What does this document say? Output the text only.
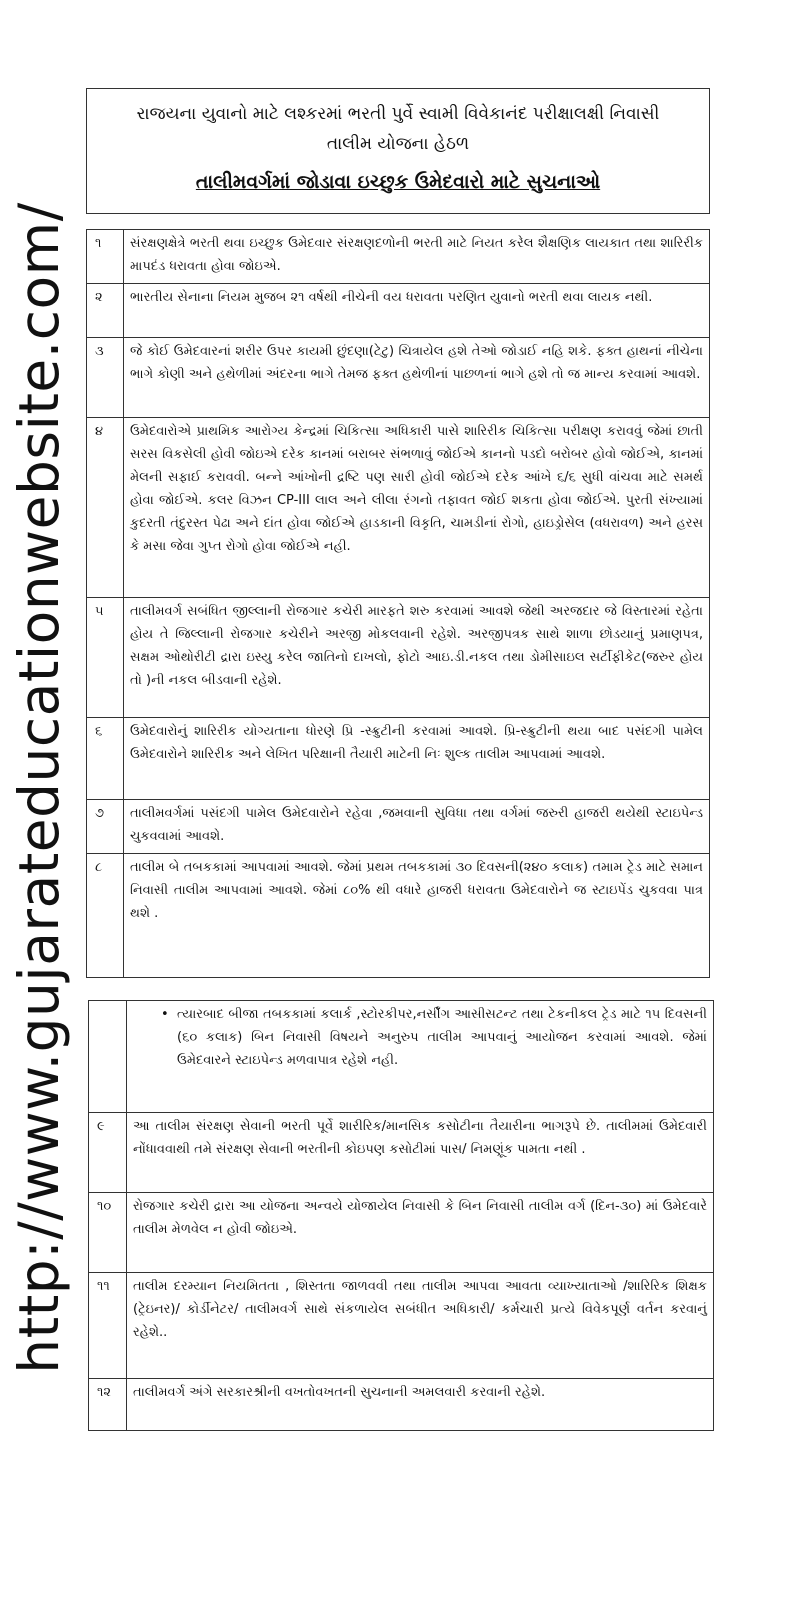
http://www.gujarateducationwebsite.com/
રાજયના યુવાનો માટે લશ્કરમાં ભરતી પુર્વે સ્વામી વિવેકાનંદ પરીક્ષાલક્ષી નિવાસી
તાલીમ યોજના હેઠળ
તાલીમવર્ગમાં જોડાવા ઇચ્છુક ઉમેદવારો માટે સુચનાઓ
૧	સંરક્ષણક્ષેત્રે ભરતી થવા ઇચ્છુક ઉમેદવાર સંરક્ષણદળોની ભરતી માટે નિયત કરેલ શૈક્ષણિક લાયકાત તથા શારિરીક માપદંડ ધરાવતા હોવા જોઇએ.
૨	ભારતીય સેનાના નિયમ મુજબ ૨૧ વર્ષથી નીચેની વય ધરાવતા પરણિત યુવાનો ભરતી થવા લાયક નથી.
૩	જે કોઈ ઉમેદવારનાં શરીર ઉપર કાયમી છુંદણા(ટેટુ) ચિત્રાયેલ હશે તેઓ જોડાઈ નહિ શકે. ફક્ત હાથનાં નીચેના ભાગે કોણી અને હથેળીમાં અંદરના ભાગે તેમજ ફક્ત હથેળીનાં પાછળનાં ભાગે હશે તો જ માન્ય કરવામાં આવશે.
૪	ઉમેદવારોએ પ્રાથમિક આરોગ્ય કેન્દ્રમાં ચિકિત્સા અધિકારી પાસે શારિરીક ચિકિત્સા પરીક્ષણ કરાવવું જેમાં છાતી સરસ વિકસેલી હોવી જોઇએ દરેક કાનમાં બરાબર સંભળાવું જોઈએ કાનનો પડદો બરોબર હોવો જોઈએ, કાનમાં મેલની સફાઈ કરાવવી. બન્ને આંખોની દ્રષ્ટિ પણ સારી હોવી જોઈએ દરેક આંખે ૬/૬ સુધી વાંચવા માટે સમર્થ હોવા જોઈએ. કલર વિઝન CP-III લાલ અને લીલા રંગનો તફાવત જોઈ શકતા હોવા જોઈએ. પુરતી સંખ્યામાં કુદરતી તંદુરસ્ત પેઢા અને દાંત હોવા જોઈએ હાડકાની વિકૃતિ, ચામડીનાં રોગો, હાઇડ્રોસેલ (વધરાવળ) અને હરસ કે મસા જેવા ગુપ્ત રોગો હોવા જોઈએ નહી.
૫	તાલીમવર્ગ સબંધિત જીલ્લાની રોજગાર કચેરી મારફતે શરુ કરવામાં આવશે જેથી અરજદાર જે વિસ્તારમાં રહેતા હોય તે જિલ્લાની રોજગાર કચેરીને અરજી મોકલવાની રહેશે. અરજીપત્રક સાથે શાળા છોડયાનું પ્રમાણપત્ર, સક્ષમ ઓથોરીટી દ્રારા ઇસ્યુ કરેલ જાતિનો દાખલો, ફોટો આઇ.ડી.નકલ તથા ડોમીસાઇલ સર્ટીફીકેટ(જરુર હોય તો )ની નકલ બીડવાની રહેશે.
૬	ઉમેદવારોનું શારિરીક યોગ્યતાના ધોરણે પ્રિ -સ્ક્રુટીની કરવામાં આવશે. પ્રિ-સ્ક્રુટીની થયા બાદ પસંદગી પામેલ ઉમેદવારોને શારિરીક અને લેખિત પરિક્ષાની તૈયારી માટેની નિઃ શુલ્ક તાલીમ આપવામાં આવશે.
૭	તાલીમવર્ગમાં પસંદગી પામેલ ઉમેદવારોને રહેવા ,જમવાની સુવિધા તથા વર્ગમાં જરુરી હાજરી થયેથી સ્ટાઇપેન્ડ ચુકવવામાં આવશે.
૮	તાલીમ બે તબકકામાં આપવામાં આવશે. જેમાં પ્રથમ તબકકામાં ૩૦ દિવસની(૨૪૦ કલાક) તમામ ટ્રેડ માટે સમાન નિવાસી તાલીમ આપવામાં આવશે. જેમાં ૮૦% થી વધારે હાજરી ધરાવતા ઉમેદવારોને જ સ્ટાઇપેંડ ચુકવવા પાત્ર થશે .

	• ત્યારબાદ બીજા તબકકામાં કલાર્ક ,સ્ટોરકીપર,નર્સીંગ આસીસટન્ટ તથા ટેકનીકલ ટ્રેડ માટે ૧૫ દિવસની (૬૦ કલાક) બિન નિવાસી વિષયને અનુરુપ તાલીમ આપવાનું આયોજન કરવામાં આવશે. જેમાં ઉમેદવારને સ્ટાઇપેન્ડ મળવાપાત્ર રહેશે નહી.

૯	આ તાલીમ સંરક્ષણ સેવાની ભરતી પૂર્વે શારીરિક/માનસિક કસોટીના તૈયારીના ભાગરૂપે છે. તાલીમમાં ઉમેદવારી નોંધાવવાથી તમે સંરક્ષણ સેવાની ભરતીની કોઇપણ કસોટીમાં પાસ/ નિમણૂંક પામતા નથી .
૧૦	રોજગાર કચેરી દ્રારા આ યોજના અન્વયે યોજાયેલ નિવાસી કે બિન નિવાસી તાલીમ વર્ગ (દિન-૩૦) માં ઉમેદવારે તાલીમ મેળવેલ ન હોવી જોઇએ.
૧૧	તાલીમ દરમ્યાન નિયમિતતા , શિસ્તતા જાળવવી તથા તાલીમ આપવા આવતા વ્યાખ્યાતાઓ /શારિરિક શિક્ષક (ટ્રેઇનર)/ કોર્ડીનેટર/ તાલીમવર્ગ સાથે સંકળાયેલ સબંધીત અધિકારી/ કર્મચારી પ્રત્યે વિવેકપૂર્ણ વર્તન કરવાનું રહેશે..
૧૨	તાલીમવર્ગ અંગે સરકારશ્રીની વખતોવખતની સુચનાની અમલવારી કરવાની રહેશે.
